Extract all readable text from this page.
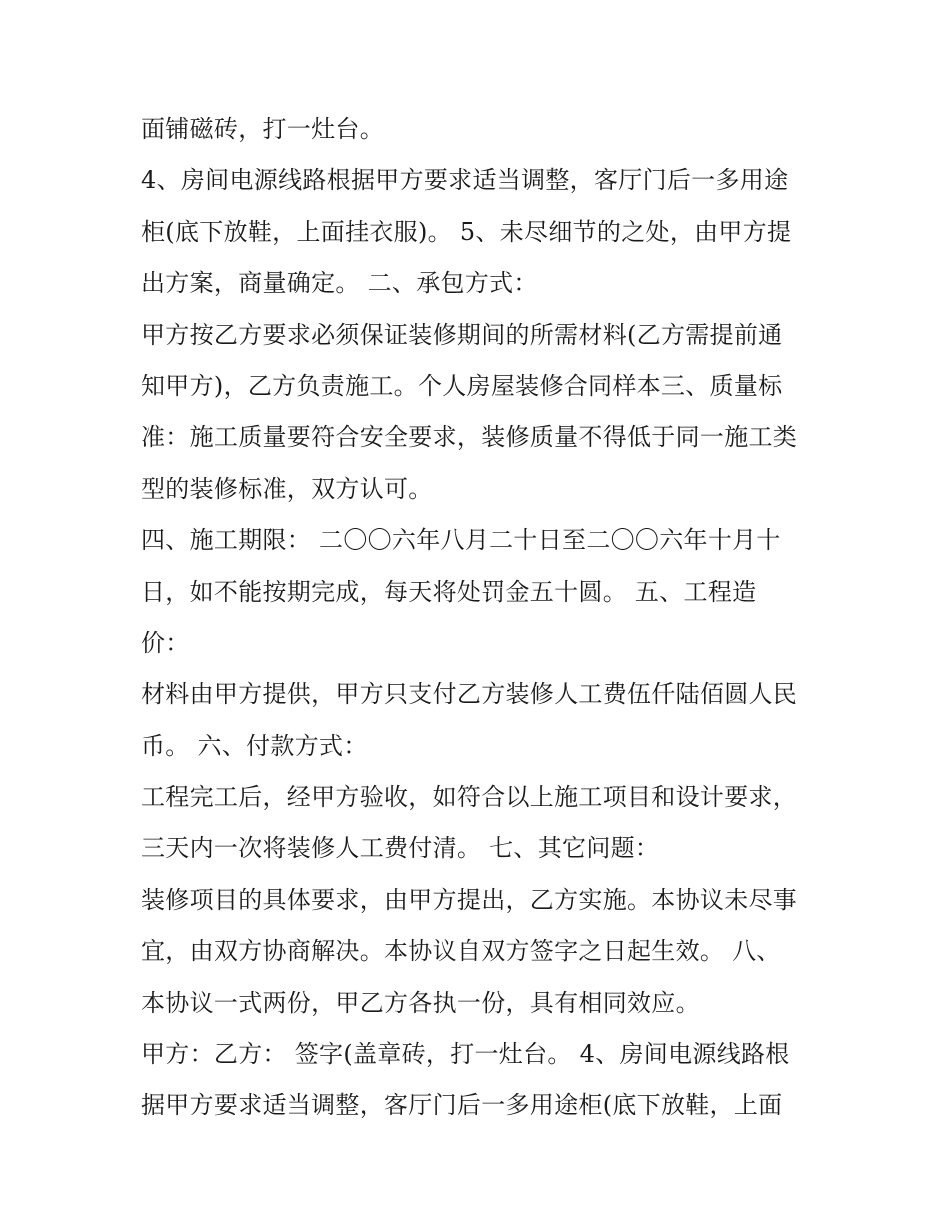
面铺磁砖，打一灶台。
4、房间电源线路根据甲方要求适当调整，客厅门后一多用途
柜(底下放鞋，上面挂衣服)。 5、未尽细节的之处，由甲方提
出方案，商量确定。 二、承包方式：
甲方按乙方要求必须保证装修期间的所需材料(乙方需提前通
知甲方)，乙方负责施工。个人房屋装修合同样本三、质量标
准：施工质量要符合安全要求，装修质量不得低于同一施工类
型的装修标准，双方认可。
四、施工期限： 二〇〇六年八月二十日至二〇〇六年十月十
日，如不能按期完成，每天将处罚金五十圆。 五、工程造
价：
材料由甲方提供，甲方只支付乙方装修人工费伍仟陆佰圆人民
币。 六、付款方式：
工程完工后，经甲方验收，如符合以上施工项目和设计要求，
三天内一次将装修人工费付清。 七、其它问题：
装修项目的具体要求，由甲方提出，乙方实施。本协议未尽事
宜，由双方协商解决。本协议自双方签字之日起生效。 八、
本协议一式两份，甲乙方各执一份，具有相同效应。
甲方：乙方： 签字(盖章砖，打一灶台。 4、房间电源线路根
据甲方要求适当调整，客厅门后一多用途柜(底下放鞋，上面
